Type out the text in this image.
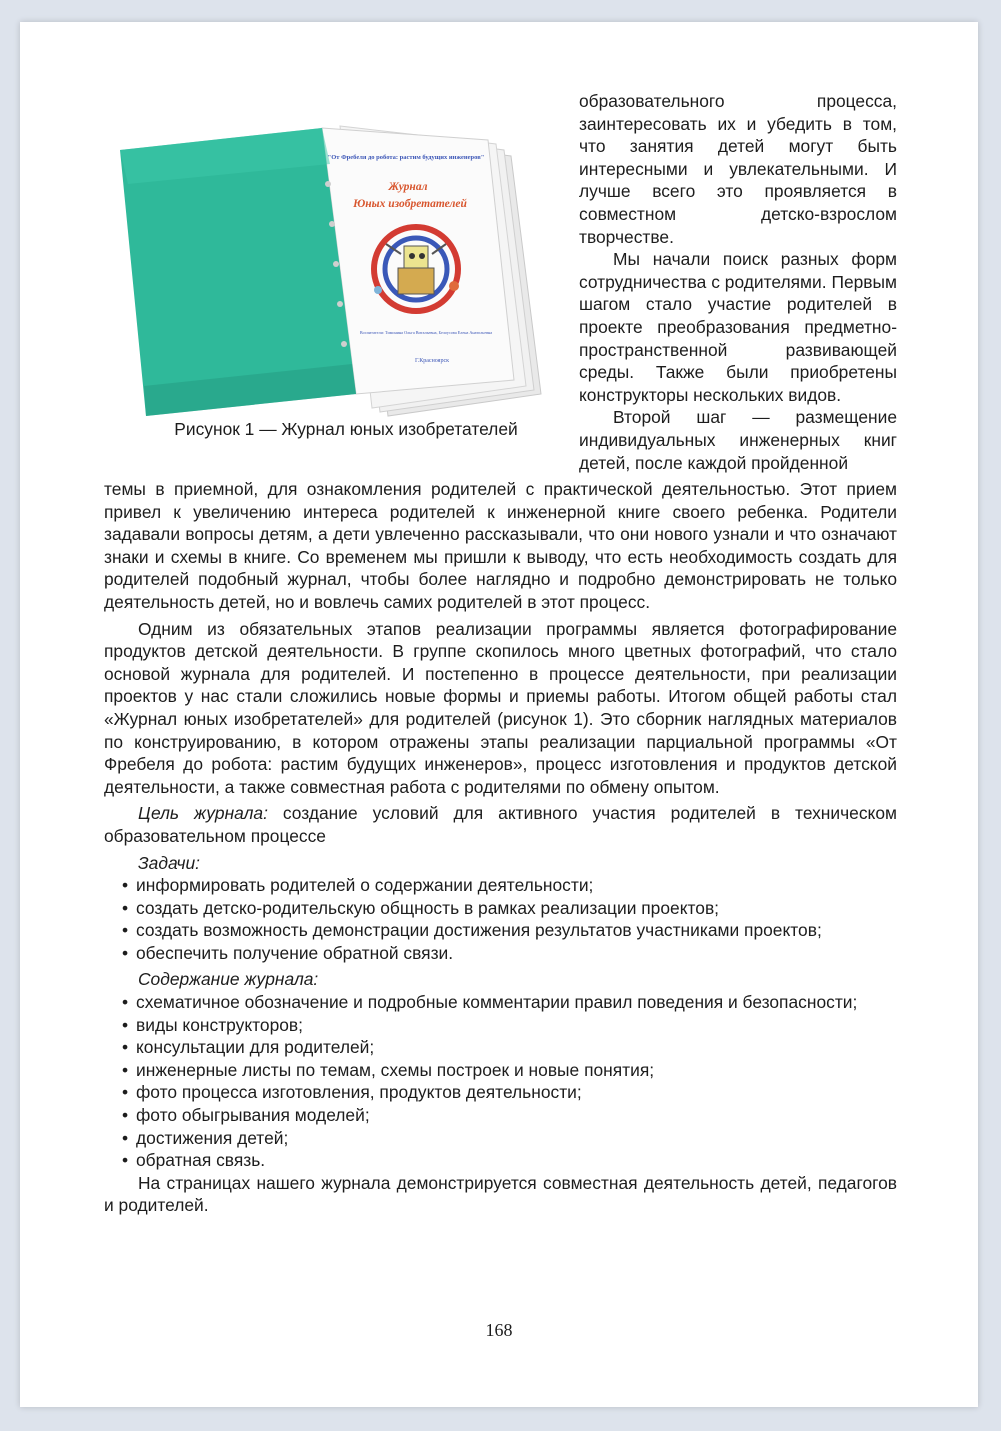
"От Фребеля до робота: растим будущих инженеров"
Журнал
Юных изобретателей
Воспитатели: Тимонина Ольга Витальевна, Белоусова Елена Анатольевна
Г.Красноярск
Рисунок 1 — Журнал юных изобретателей

образовательного процесса, заинтересовать их и убедить в том, что занятия детей могут быть интересными и увлекательными. И лучше всего это проявляется в совместном детско-взрослом творчестве.

Мы начали поиск разных форм сотрудничества с родителями. Первым шагом стало участие родителей в проекте преобразования предметно-пространственной развивающей среды. Также были приобретены конструкторы нескольких видов.

Второй шаг — размещение индивидуальных инженерных книг детей, после каждой пройденной

темы в приемной, для ознакомления родителей с практической деятельностью. Этот прием привел к увеличению интереса родителей к инженерной книге своего ребенка. Родители задавали вопросы детям, а дети увлеченно рассказывали, что они нового узнали и что означают знаки и схемы в книге. Со временем мы пришли к выводу, что есть необходимость создать для родителей подобный журнал, чтобы более наглядно и подробно демонстрировать не только деятельность детей, но и вовлечь самих родителей в этот процесс.

Одним из обязательных этапов реализации программы является фотографирование продуктов детской деятельности. В группе скопилось много цветных фотографий, что стало основой журнала для родителей. И постепенно в процессе деятельности, при реализации проектов у нас стали сложились новые формы и приемы работы. Итогом общей работы стал «Журнал юных изобретателей» для родителей (рисунок 1). Это сборник наглядных материалов по конструированию, в котором отражены этапы реализации парциальной программы «От Фребеля до робота: растим будущих инженеров», процесс изготовления и продуктов детской деятельности, а также совместная работа с родителями по обмену опытом.

Цель журнала: создание условий для активного участия родителей в техническом образовательном процессе

Задачи:

• информировать родителей о содержании деятельности;
• создать детско-родительскую общность в рамках реализации проектов;
• создать возможность демонстрации достижения результатов участниками проектов;
• обеспечить получение обратной связи.

Содержание журнала:

• схематичное обозначение и подробные комментарии правил поведения и безопасности;
• виды конструкторов;
• консультации для родителей;
• инженерные листы по темам, схемы построек и новые понятия;
• фото процесса изготовления, продуктов деятельности;
• фото обыгрывания моделей;
• достижения детей;
• обратная связь.

На страницах нашего журнала демонстрируется совместная деятельность детей, педагогов и родителей.

168
